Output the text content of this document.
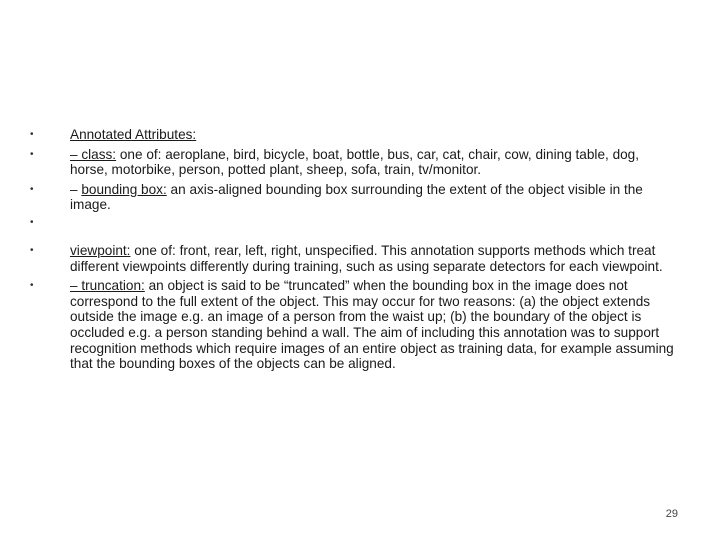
•	Annotated Attributes:
•	– class: one of: aeroplane, bird, bicycle, boat, bottle, bus, car, cat, chair, cow, dining table, dog, horse, motorbike, person, potted plant, sheep, sofa, train, tv/monitor.
•	– bounding box: an axis-aligned bounding box surrounding the extent of the object visible in the image.
•
•	viewpoint: one of: front, rear, left, right, unspecified. This annotation supports methods which treat different viewpoints differently during training, such as using separate detectors for each viewpoint.
•	– truncation: an object is said to be “truncated” when the bounding box in the image does not correspond to the full extent of the object. This may occur for two reasons: (a) the object extends outside the image e.g. an image of a person from the waist up; (b) the boundary of the object is occluded e.g. a person standing behind a wall. The aim of including this annotation was to support recognition methods which require images of an entire object as training data, for example assuming that the bounding boxes of the objects can be aligned.
29
